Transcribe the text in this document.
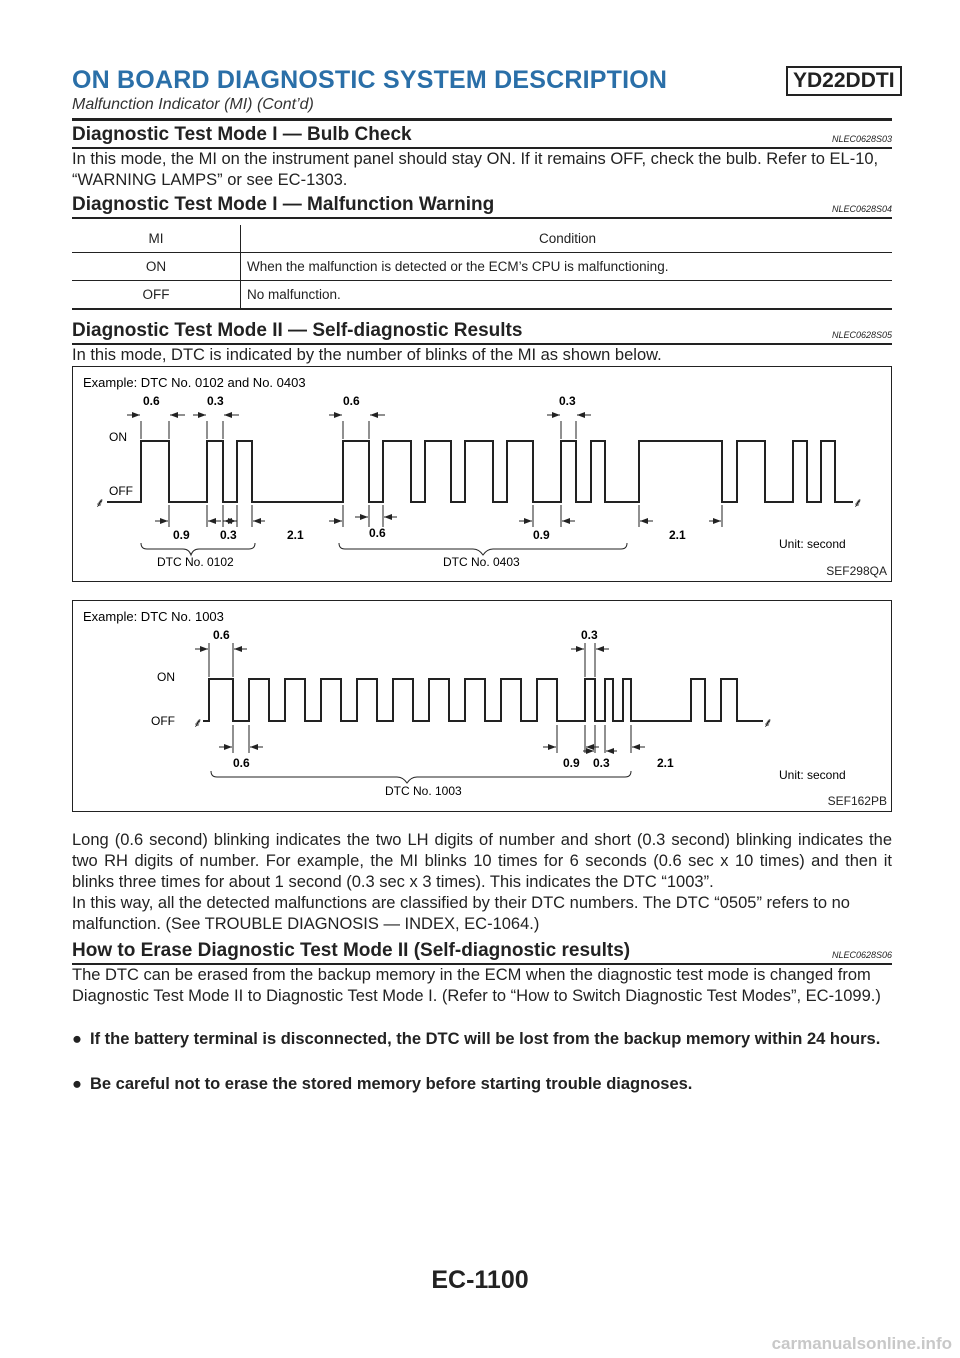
ON BOARD DIAGNOSTIC SYSTEM DESCRIPTION	YD22DDTI
Malfunction Indicator (MI) (Cont’d)
Diagnostic Test Mode I — Bulb Check	NLEC0628S03
In this mode, the MI on the instrument panel should stay ON. If it remains OFF, check the bulb. Refer to EL-10, “WARNING LAMPS” or see EC-1303.
Diagnostic Test Mode I — Malfunction Warning	NLEC0628S04
MI	Condition
ON	When the malfunction is detected or the ECM’s CPU is malfunctioning.
OFF	No malfunction.
Diagnostic Test Mode II — Self-diagnostic Results	NLEC0628S05
In this mode, DTC is indicated by the number of blinks of the MI as shown below.
Example: DTC No. 0102 and No. 0403
ON
OFF
⸙	⸙
0.6	0.3	0.6	0.3
0.9	0.3	2.1	0.6	0.9	2.1
DTC No. 0102	DTC No. 0403
Unit: second
SEF298QA
Example: DTC No. 1003
ON
OFF ⸙	⸙
0.6	0.3
0.6	0.9 0.3	2.1
DTC No. 1003
Unit: second
SEF162PB
Long (0.6 second) blinking indicates the two LH digits of number and short (0.3 second) blinking indicates the two RH digits of number. For example, the MI blinks 10 times for 6 seconds (0.6 sec x 10 times) and then it blinks three times for about 1 second (0.3 sec x 3 times). This indicates the DTC “1003”.
In this way, all the detected malfunctions are classified by their DTC numbers. The DTC “0505” refers to no malfunction. (See TROUBLE DIAGNOSIS — INDEX, EC-1064.)
How to Erase Diagnostic Test Mode II (Self-diagnostic results)	NLEC0628S06
The DTC can be erased from the backup memory in the ECM when the diagnostic test mode is changed from Diagnostic Test Mode II to Diagnostic Test Mode I. (Refer to “How to Switch Diagnostic Test Modes”, EC-1099.)
● If the battery terminal is disconnected, the DTC will be lost from the backup memory within 24 hours.
● Be careful not to erase the stored memory before starting trouble diagnoses.
EC-1100
carmanualsonline.info
